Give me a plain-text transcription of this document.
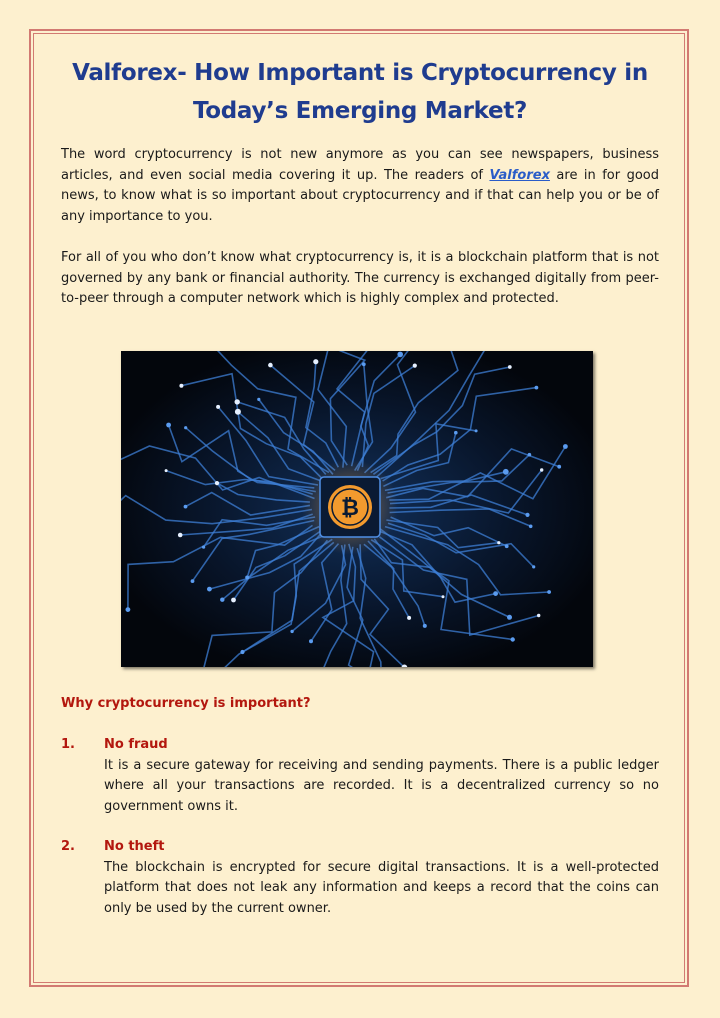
Valforex- How Important is Cryptocurrency in Today’s Emerging Market?

The word cryptocurrency is not new anymore as you can see newspapers, business articles, and even social media covering it up. The readers of Valforex are in for good news, to know what is so important about cryptocurrency and if that can help you or be of any importance to you.

For all of you who don’t know what cryptocurrency is, it is a blockchain platform that is not governed by any bank or financial authority. The currency is exchanged digitally from peer-to-peer through a computer network which is highly complex and protected.

₿
Why cryptocurrency is important?
1. No fraud

It is a secure gateway for receiving and sending payments. There is a public ledger where all your transactions are recorded. It is a decentralized currency so no government owns it.

2. No theft

The blockchain is encrypted for secure digital transactions. It is a well-protected platform that does not leak any information and keeps a record that the coins can only be used by the current owner.
